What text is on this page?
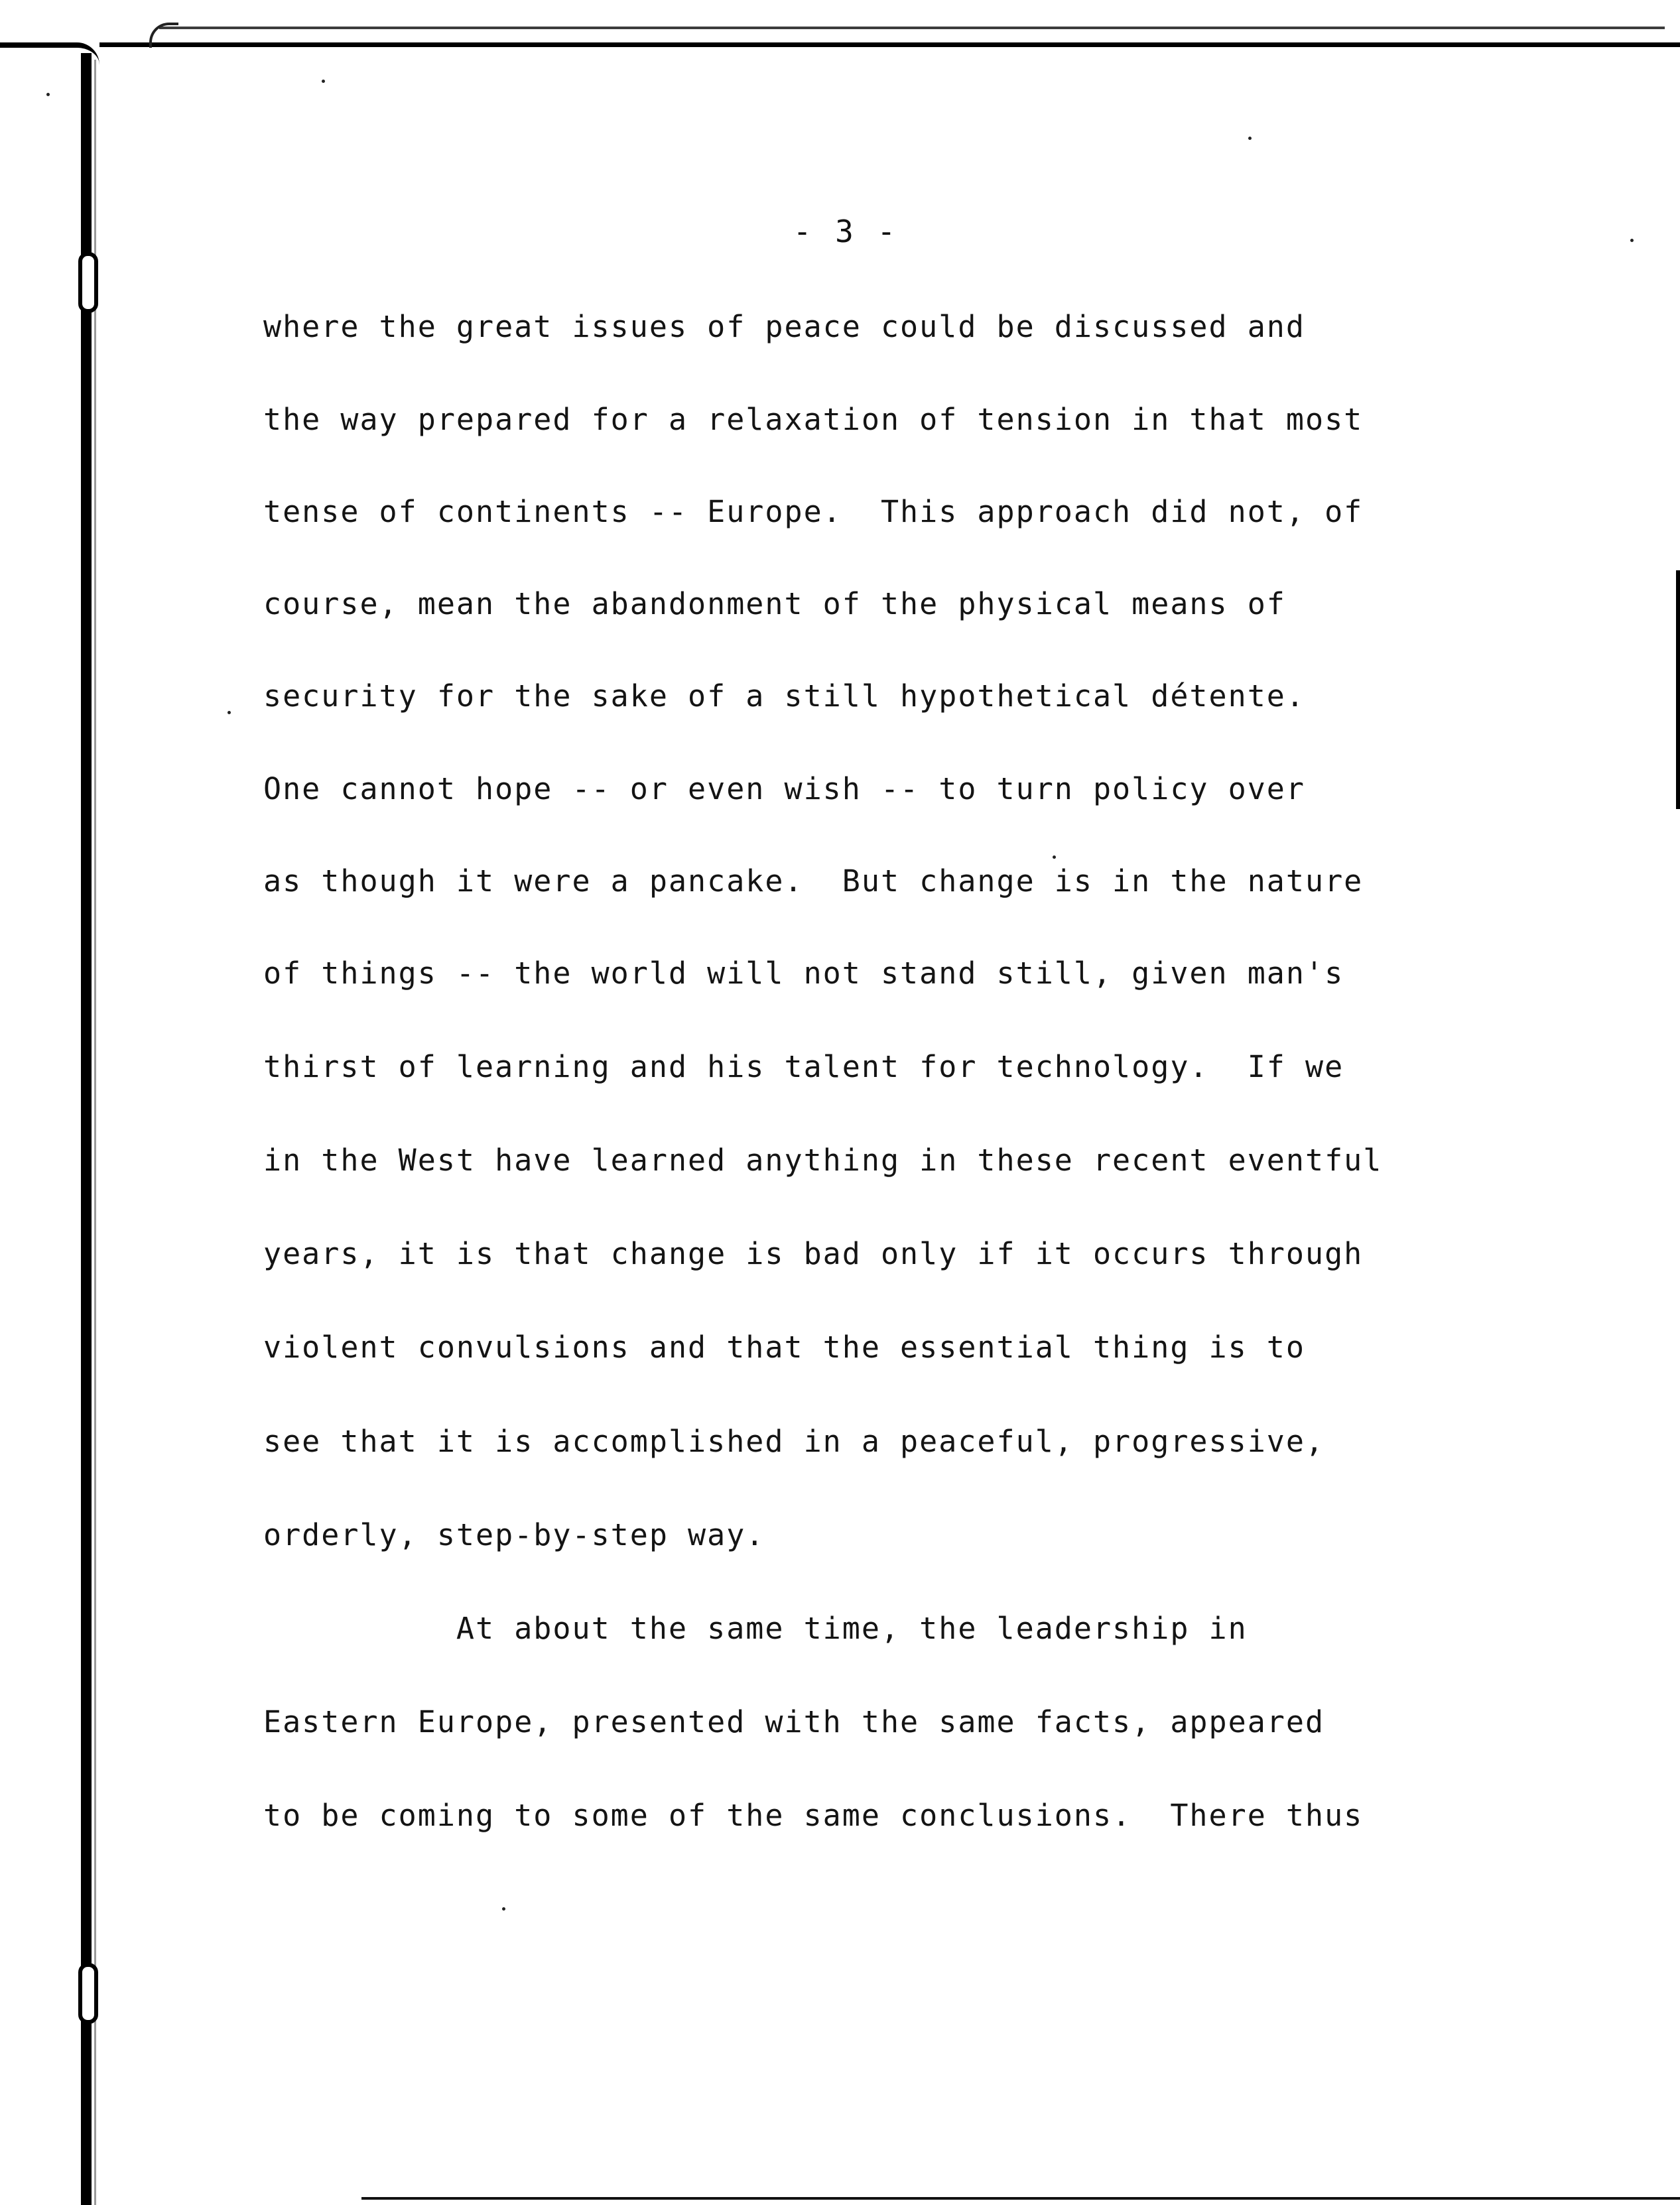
- 3 -

where the great issues of peace could be discussed and

the way prepared for a relaxation of tension in that most

tense of continents -- Europe.  This approach did not, of

course, mean the abandonment of the physical means of

security for the sake of a still hypothetical détente.

One cannot hope -- or even wish -- to turn policy over

as though it were a pancake.  But change is in the nature

of things -- the world will not stand still, given man's

thirst of learning and his talent for technology.  If we

in the West have learned anything in these recent eventful

years, it is that change is bad only if it occurs through

violent convulsions and that the essential thing is to

see that it is accomplished in a peaceful, progressive,

orderly, step-by-step way.

At about the same time, the leadership in

Eastern Europe, presented with the same facts, appeared

to be coming to some of the same conclusions.  There thus
